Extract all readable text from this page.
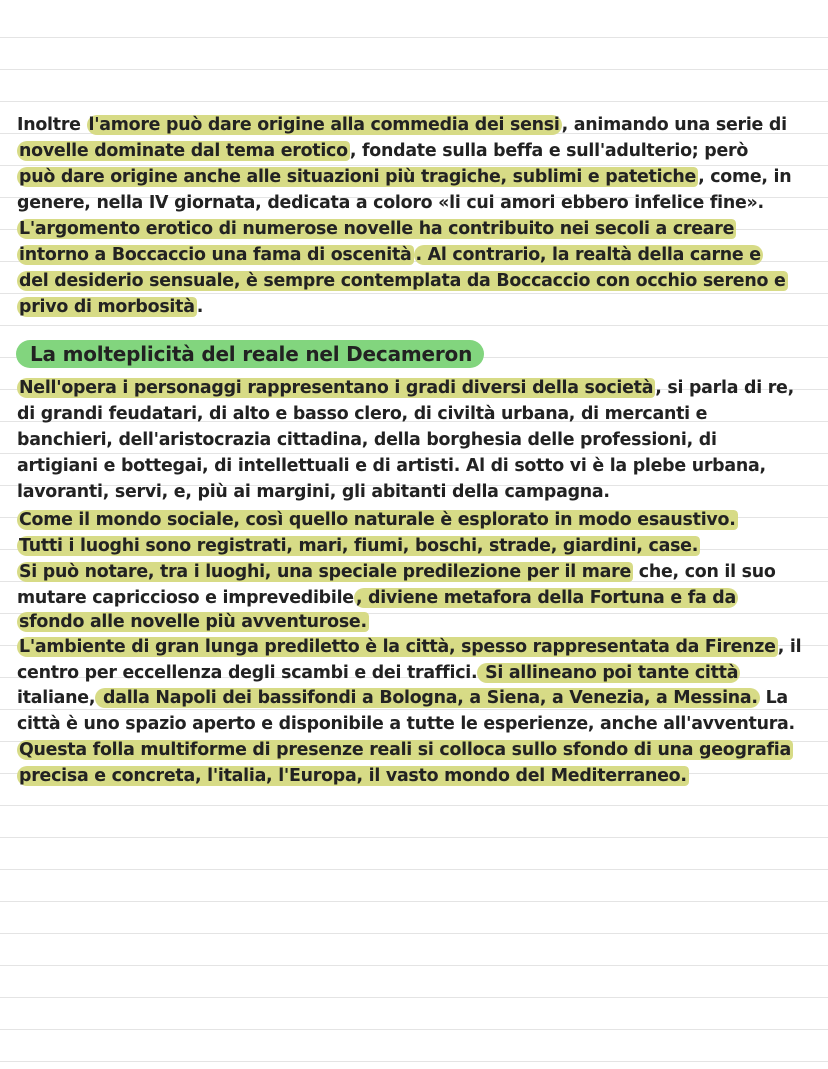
Inoltre l'amore può dare origine alla commedia dei sensi , animando una serie di
novelle dominate dal tema erotico , fondate sulla beffa e sull'adulterio; però
può dare origine anche alle situazioni più tragiche, sublimi e patetiche , come, in
genere, nella IV giornata, dedicata a coloro «li cui amori ebbero infelice fine».
L'argomento erotico di numerose novelle ha contribuito nei secoli a creare
intorno a Boccaccio una fama di oscenità . Al contrario, la realtà della carne e
del desiderio sensuale, è sempre contemplata da Boccaccio con occhio sereno e
privo di morbosità .
La molteplicità del reale nel Decameron
Nell'opera i personaggi rappresentano i gradi diversi della società , si parla di re,
di grandi feudatari, di alto e basso clero, di civiltà urbana, di mercanti e
banchieri, dell'aristocrazia cittadina, della borghesia delle professioni, di
artigiani e bottegai, di intellettuali e di artisti. Al di sotto vi è la plebe urbana,
lavoranti, servi, e, più ai margini, gli abitanti della campagna.
Come il mondo sociale, così quello naturale è esplorato in modo esaustivo.
Tutti i luoghi sono registrati, mari, fiumi, boschi, strade, giardini, case.
Si può notare, tra i luoghi, una speciale predilezione per il mare che, con il suo
mutare capriccioso e imprevedibile , diviene metafora della Fortuna e fa da
sfondo alle novelle più avventurose.
L'ambiente di gran lunga prediletto è la città, spesso rappresentata da Firenze , il
centro per eccellenza degli scambi e dei traffici. Si allineano poi tante città
italiane, dalla Napoli dei bassifondi a Bologna, a Siena, a Venezia, a Messina. La
città è uno spazio aperto e disponibile a tutte le esperienze, anche all'avventura.
Questa folla multiforme di presenze reali si colloca sullo sfondo di una geografia
precisa e concreta, l'italia, l'Europa, il vasto mondo del Mediterraneo.
